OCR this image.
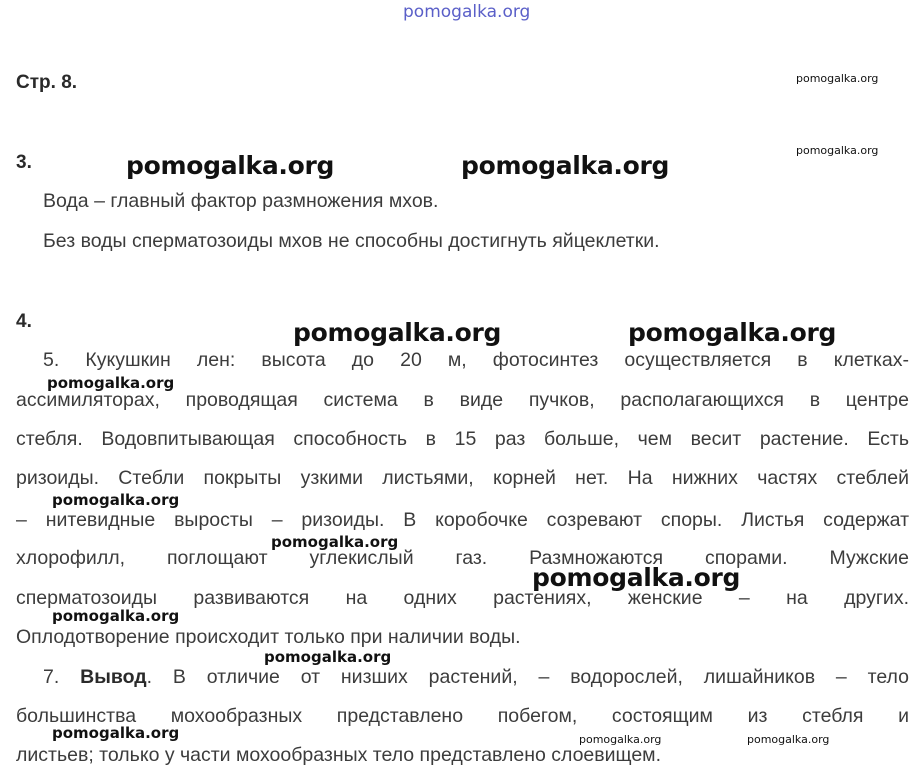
pomogalka.org
Стр. 8.	pomogalka.org
pomogalka.org
3.	pomogalka.org	pomogalka.org
Вода – главный фактор размножения мхов.
Без воды сперматозоиды мхов не способны достигнуть яйцеклетки.
4.	pomogalka.org	pomogalka.org
5. Кукушкин лен: высота до 20 м, фотосинтез осуществляется в клетках-
pomogalka.org
ассимиляторах, проводящая система в виде пучков, располагающихся в центре
стебля. Водовпитывающая способность в 15 раз больше, чем весит растение. Есть
ризоиды. Стебли покрыты узкими листьями, корней нет. На нижних частях стеблей
pomogalka.org
– нитевидные выросты – ризоиды. В коробочке созревают споры. Листья содержат
pomogalka.org
хлорофилл, поглощают углекислый газ. Размножаются спорами. Мужские
pomogalka.org
сперматозоиды развиваются на одних растениях, женские – на других.
pomogalka.org
Оплодотворение происходит только при наличии воды.
pomogalka.org
7. Вывод. В отличие от низших растений, – водорослей, лишайников – тело
большинства мохообразных представлено побегом, состоящим из стебля и
pomogalka.org	pomogalka.org	pomogalka.org
листьев; только у части мохообразных тело представлено слоевищем.
